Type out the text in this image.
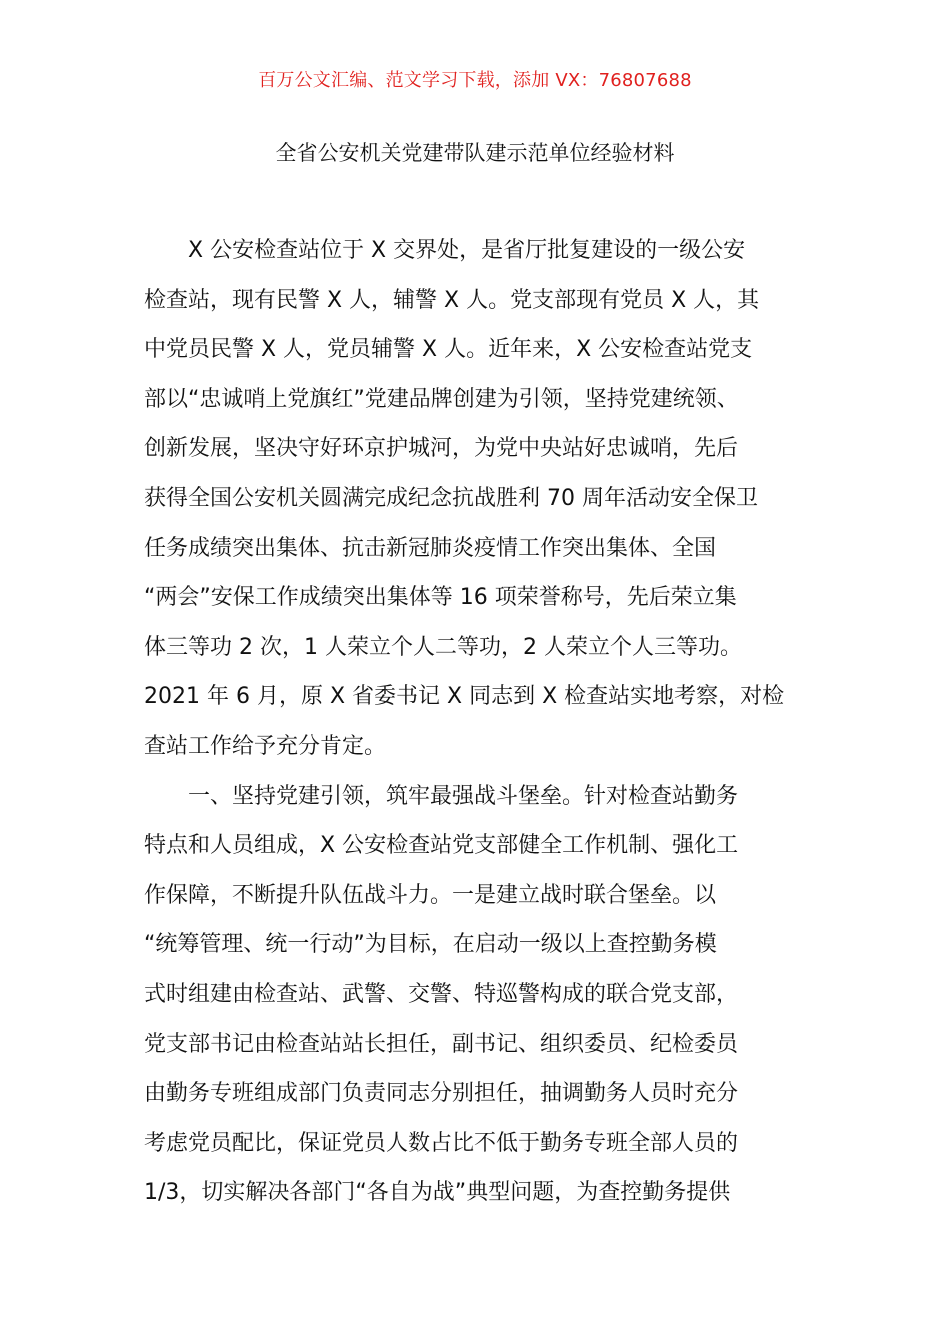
百万公文汇编、范文学习下载，添加 VX：76807688
全省公安机关党建带队建示范单位经验材料
X 公安检查站位于 X 交界处，是省厅批复建设的一级公安
检查站，现有民警 X 人，辅警 X 人。党支部现有党员 X 人，其
中党员民警 X 人，党员辅警 X 人。近年来，X 公安检查站党支
部以“忠诚哨上党旗红”党建品牌创建为引领，坚持党建统领、
创新发展，坚决守好环京护城河，为党中央站好忠诚哨，先后
获得全国公安机关圆满完成纪念抗战胜利 70 周年活动安全保卫
任务成绩突出集体、抗击新冠肺炎疫情工作突出集体、全国
“两会”安保工作成绩突出集体等 16 项荣誉称号，先后荣立集
体三等功 2 次，1 人荣立个人二等功，2 人荣立个人三等功。
2021 年 6 月，原 X 省委书记 X 同志到 X 检查站实地考察，对检
查站工作给予充分肯定。
一、坚持党建引领，筑牢最强战斗堡垒。针对检查站勤务
特点和人员组成，X 公安检查站党支部健全工作机制、强化工
作保障，不断提升队伍战斗力。一是建立战时联合堡垒。以
“统筹管理、统一行动”为目标，在启动一级以上查控勤务模
式时组建由检查站、武警、交警、特巡警构成的联合党支部，
党支部书记由检查站站长担任，副书记、组织委员、纪检委员
由勤务专班组成部门负责同志分别担任，抽调勤务人员时充分
考虑党员配比，保证党员人数占比不低于勤务专班全部人员的
1/3，切实解决各部门“各自为战”典型问题，为查控勤务提供
